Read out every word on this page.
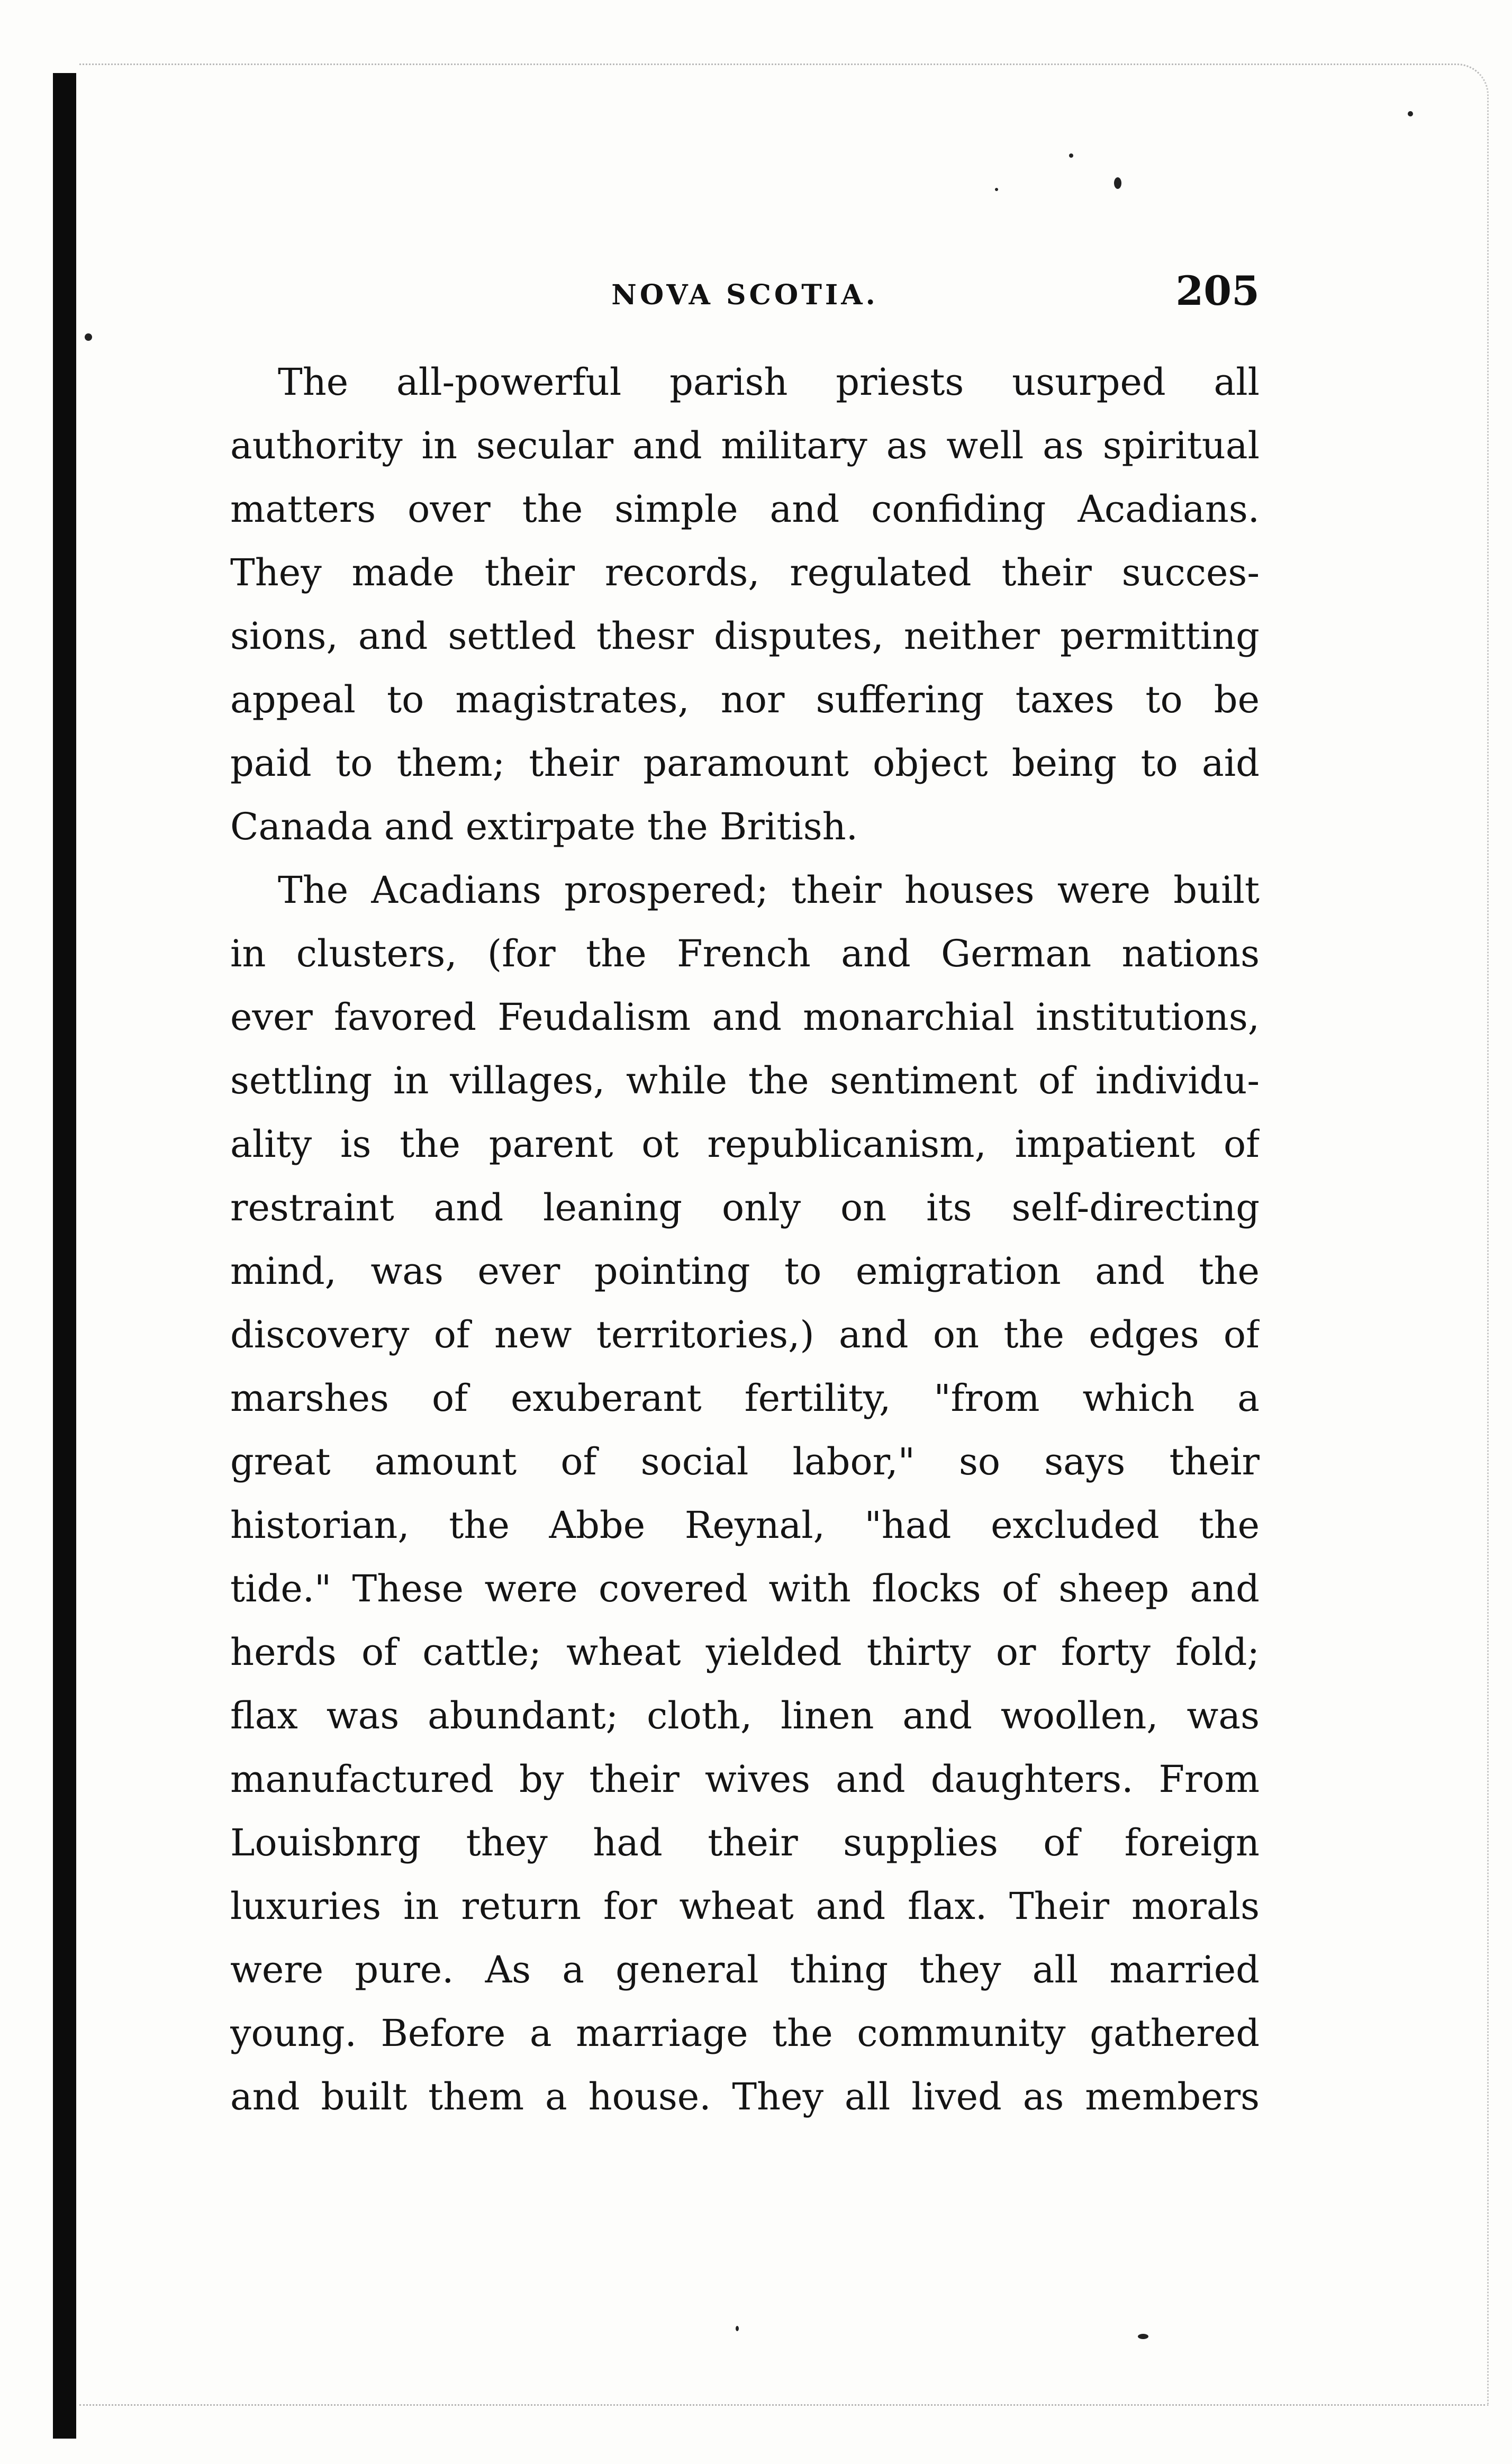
NOVA SCOTIA.	205
The all-powerful parish priests usurped all
authority in secular and military as well as spiritual
matters over the simple and confiding Acadians.
They made their records, regulated their succes-
sions, and settled thesr disputes, neither permitting
appeal to magistrates, nor suffering taxes to be
paid to them; their paramount object being to aid
Canada and extirpate the British.
The Acadians prospered; their houses were built
in clusters, (for the French and German nations
ever favored Feudalism and monarchial institutions,
settling in villages, while the sentiment of individu-
ality is the parent ot republicanism, impatient of
restraint and leaning only on its self-directing
mind, was ever pointing to emigration and the
discovery of new territories,) and on the edges of
marshes of exuberant fertility, "from which a
great amount of social labor," so says their
historian, the Abbe Reynal, "had excluded the
tide." These were covered with flocks of sheep and
herds of cattle; wheat yielded thirty or forty fold;
flax was abundant; cloth, linen and woollen, was
manufactured by their wives and daughters. From
Louisbnrg they had their supplies of foreign
luxuries in return for wheat and flax. Their morals
were pure. As a general thing they all married
young. Before a marriage the community gathered
and built them a house. They all lived as members
